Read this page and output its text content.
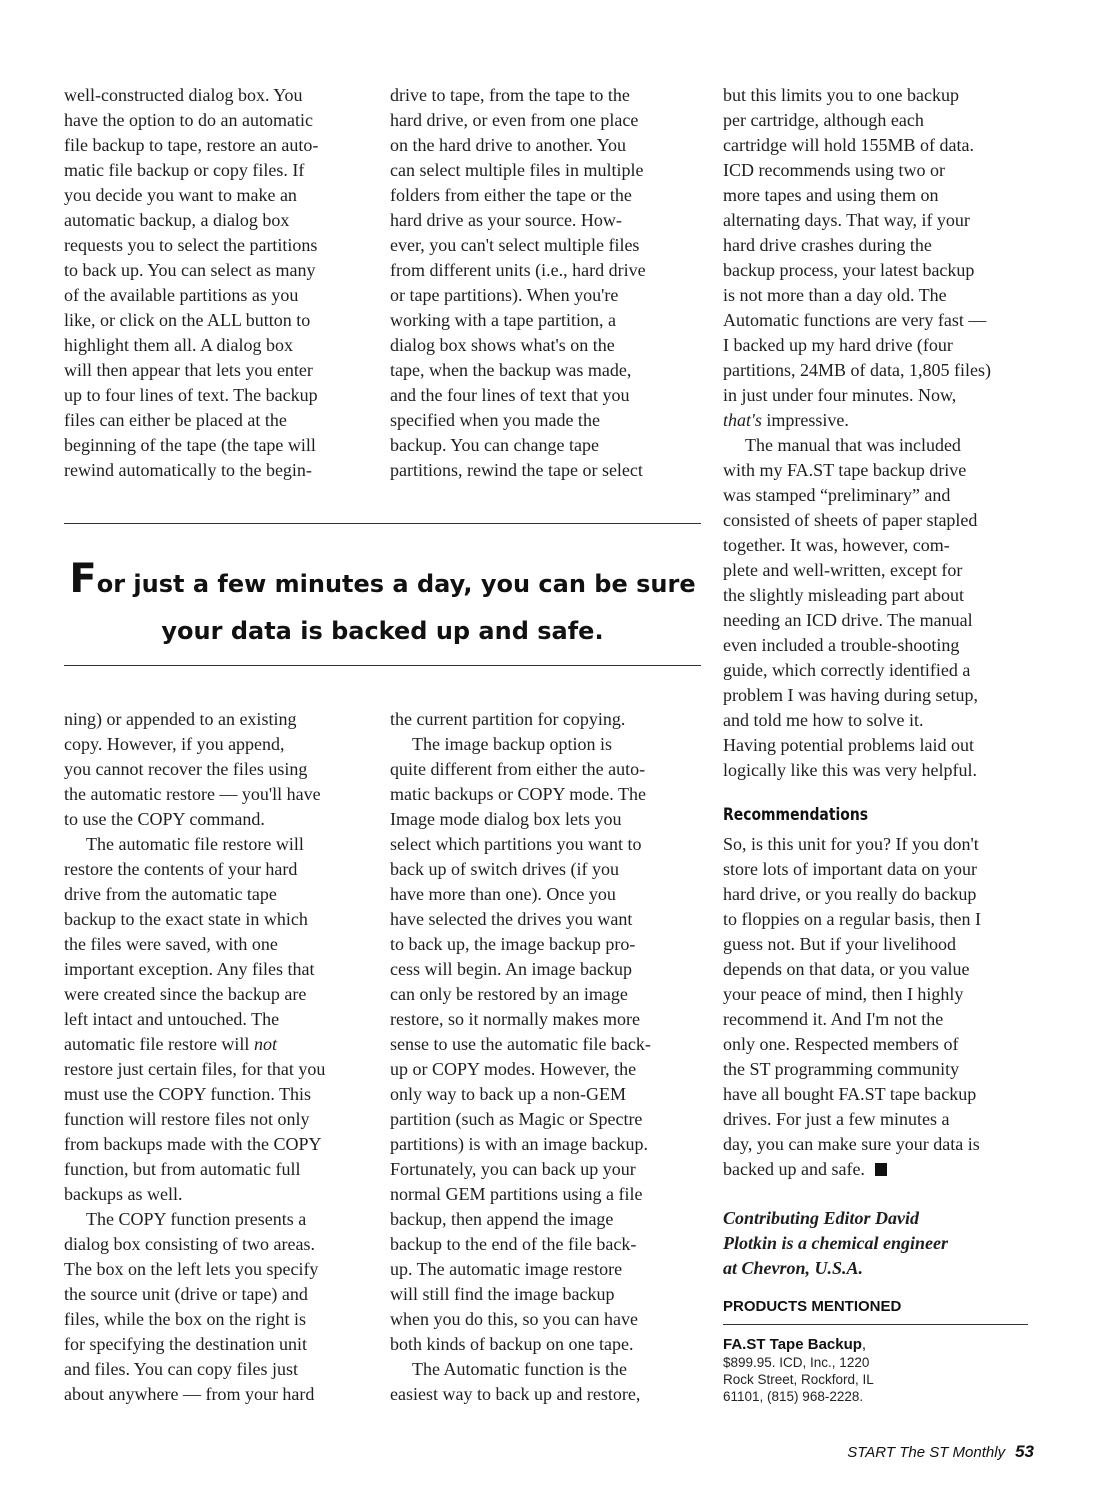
well-constructed dialog box. You

have the option to do an automatic

file backup to tape, restore an auto-

matic file backup or copy files. If

you decide you want to make an

automatic backup, a dialog box

requests you to select the partitions

to back up. You can select as many

of the available partitions as you

like, or click on the ALL button to

highlight them all. A dialog box

will then appear that lets you enter

up to four lines of text. The backup

files can either be placed at the

beginning of the tape (the tape will

rewind automatically to the begin-

drive to tape, from the tape to the

hard drive, or even from one place

on the hard drive to another. You

can select multiple files in multiple

folders from either the tape or the

hard drive as your source. How-

ever, you can't select multiple files

from different units (i.e., hard drive

or tape partitions). When you're

working with a tape partition, a

dialog box shows what's on the

tape, when the backup was made,

and the four lines of text that you

specified when you made the

backup. You can change tape

partitions, rewind the tape or select

For just a few minutes a day, you can be sure
your data is backed up and safe.

ning) or appended to an existing

copy. However, if you append,

you cannot recover the files using

the automatic restore — you'll have

to use the COPY command.

The automatic file restore will

restore the contents of your hard

drive from the automatic tape

backup to the exact state in which

the files were saved, with one

important exception. Any files that

were created since the backup are

left intact and untouched. The

automatic file restore will not

restore just certain files, for that you

must use the COPY function. This

function will restore files not only

from backups made with the COPY

function, but from automatic full

backups as well.

The COPY function presents a

dialog box consisting of two areas.

The box on the left lets you specify

the source unit (drive or tape) and

files, while the box on the right is

for specifying the destination unit

and files. You can copy files just

about anywhere — from your hard

the current partition for copying.

The image backup option is

quite different from either the auto-

matic backups or COPY mode. The

Image mode dialog box lets you

select which partitions you want to

back up of switch drives (if you

have more than one). Once you

have selected the drives you want

to back up, the image backup pro-

cess will begin. An image backup

can only be restored by an image

restore, so it normally makes more

sense to use the automatic file back-

up or COPY modes. However, the

only way to back up a non-GEM

partition (such as Magic or Spectre

partitions) is with an image backup.

Fortunately, you can back up your

normal GEM partitions using a file

backup, then append the image

backup to the end of the file back-

up. The automatic image restore

will still find the image backup

when you do this, so you can have

both kinds of backup on one tape.

The Automatic function is the

easiest way to back up and restore,

but this limits you to one backup

per cartridge, although each

cartridge will hold 155MB of data.

ICD recommends using two or

more tapes and using them on

alternating days. That way, if your

hard drive crashes during the

backup process, your latest backup

is not more than a day old. The

Automatic functions are very fast —

I backed up my hard drive (four

partitions, 24MB of data, 1,805 files)

in just under four minutes. Now,

that's impressive.

The manual that was included

with my FA.ST tape backup drive

was stamped “preliminary” and

consisted of sheets of paper stapled

together. It was, however, com-

plete and well-written, except for

the slightly misleading part about

needing an ICD drive. The manual

even included a trouble-shooting

guide, which correctly identified a

problem I was having during setup,

and told me how to solve it.

Having potential problems laid out

logically like this was very helpful.

Recommendations

So, is this unit for you? If you don't

store lots of important data on your

hard drive, or you really do backup

to floppies on a regular basis, then I

guess not. But if your livelihood

depends on that data, or you value

your peace of mind, then I highly

recommend it. And I'm not the

only one. Respected members of

the ST programming community

have all bought FA.ST tape backup

drives. For just a few minutes a

day, you can make sure your data is

backed up and safe.

Contributing Editor David

Plotkin is a chemical engineer

at Chevron, U.S.A.

PRODUCTS MENTIONED
FA.ST Tape Backup,

$899.95. ICD, Inc., 1220

Rock Street, Rockford, IL

61101, (815) 968-2228.

START The ST Monthly 53
